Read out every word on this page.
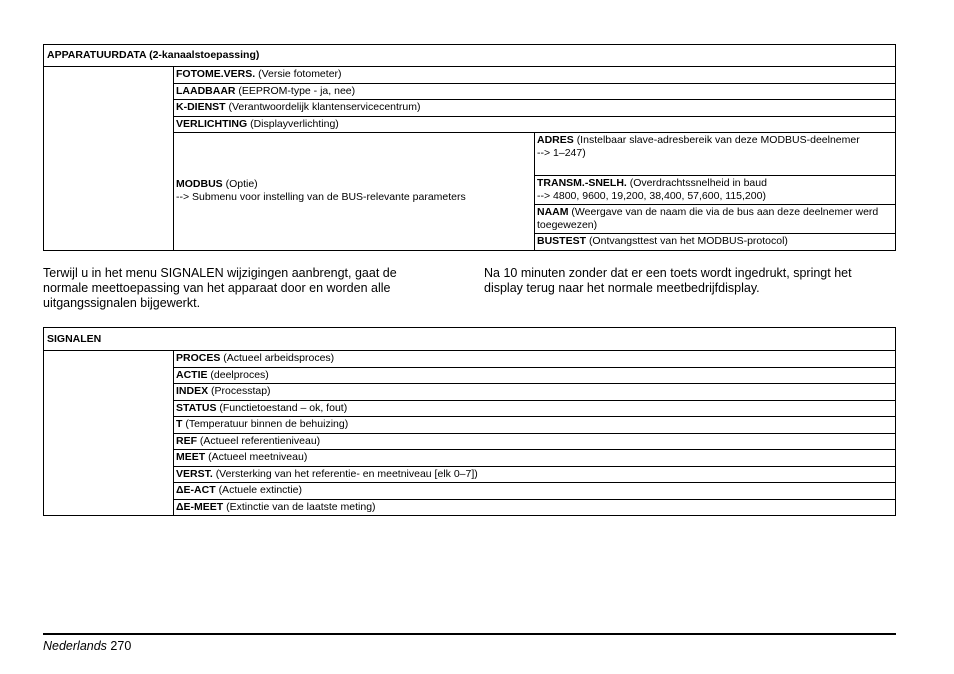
APPARATUURDATA (2-kanaalstoepassing)		
	FOTOME.VERS. (Versie fotometer)	
	LAADBAAR (EEPROM-type - ja, nee)	
	K-DIENST (Verantwoordelijk klantenservicecentrum)	
	VERLICHTING (Displayverlichting)	
	MODBUS (Optie)
--> Submenu voor instelling van de BUS-relevante parameters	ADRES (Instelbaar slave-adresbereik van deze MODBUS-deelnemer
--> 1–247)
		TRANSM.-SNELH. (Overdrachtssnelheid in baud
--> 4800, 9600, 19,200, 38,400, 57,600, 115,200)
		NAAM (Weergave van de naam die via de bus aan deze deelnemer werd toegewezen)
		BUSTEST (Ontvangsttest van het MODBUS-protocol)

Terwijl u in het menu SIGNALEN wijzigingen aanbrengt, gaat de normale meettoepassing van het apparaat door en worden alle uitgangssignalen bijgewerkt.

Na 10 minuten zonder dat er een toets wordt ingedrukt, springt het display terug naar het normale meetbedrijfdisplay.

SIGNALEN
	PROCES (Actueel arbeidsproces)
ACTIE (deelproces)
INDEX (Processtap)
STATUS (Functietoestand – ok, fout)
T (Temperatuur binnen de behuizing)
REF (Actueel referentieniveau)
MEET (Actueel meetniveau)
VERST. (Versterking van het referentie- en meetniveau [elk 0–7])
ΔE-ACT (Actuele extinctie)
ΔE-MEET (Extinctie van de laatste meting)
Nederlands 270
